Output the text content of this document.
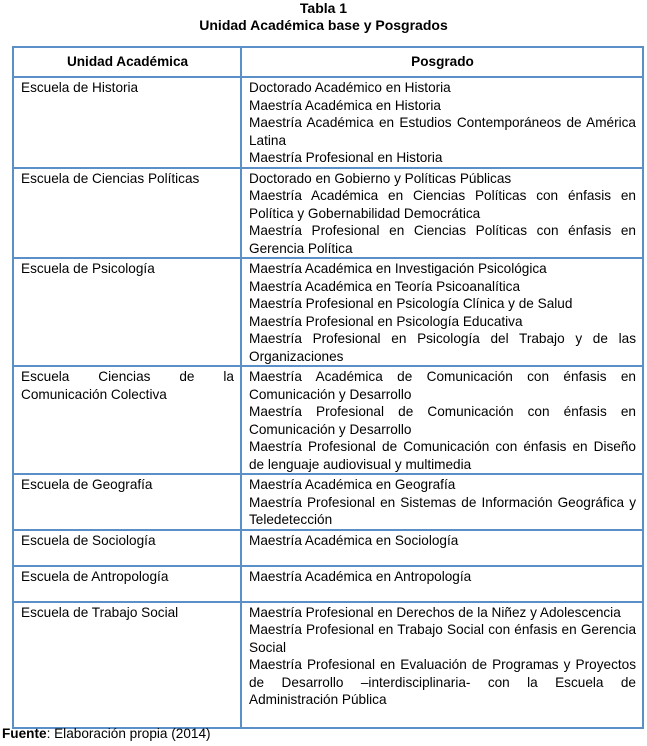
Tabla 1
Unidad Académica base y Posgrados
Unidad Académica	Posgrado
Escuela de Historia	Doctorado Académico en Historia
Maestría Académica en Historia
Maestría Académica en Estudios Contemporáneos de América Latina
Maestría Profesional en Historia

Escuela de Ciencias Políticas	Doctorado en Gobierno y Políticas Públicas
Maestría Académica en Ciencias Políticas con énfasis en Política y Gobernabilidad Democrática
Maestría Profesional en Ciencias Políticas con énfasis en Gerencia Política

Escuela de Psicología	Maestría Académica en Investigación Psicológica
Maestría Académica en Teoría Psicoanalítica
Maestría Profesional en Psicología Clínica y de Salud
Maestría Profesional en Psicología Educativa
Maestría Profesional en Psicología del Trabajo y de las Organizaciones

Escuela Ciencias de la Comunicación Colectiva	Maestría Académica de Comunicación con énfasis en Comunicación y Desarrollo
Maestría Profesional de Comunicación con énfasis en Comunicación y Desarrollo
Maestría Profesional de Comunicación con énfasis en Diseño de lenguaje audiovisual y multimedia

Escuela de Geografía	Maestría Académica en Geografía
Maestría Profesional en Sistemas de Información Geográfica y Teledetección

Escuela de Sociología	Maestría Académica en Sociología

Escuela de Antropología	Maestría Académica en Antropología

Escuela de Trabajo Social	Maestría Profesional en Derechos de la Niñez y Adolescencia
Maestría Profesional en Trabajo Social con énfasis en Gerencia Social
Maestría Profesional en Evaluación de Programas y Proyectos de Desarrollo –interdisciplinaria- con la Escuela de Administración Pública
Fuente: Elaboración propia (2014)
